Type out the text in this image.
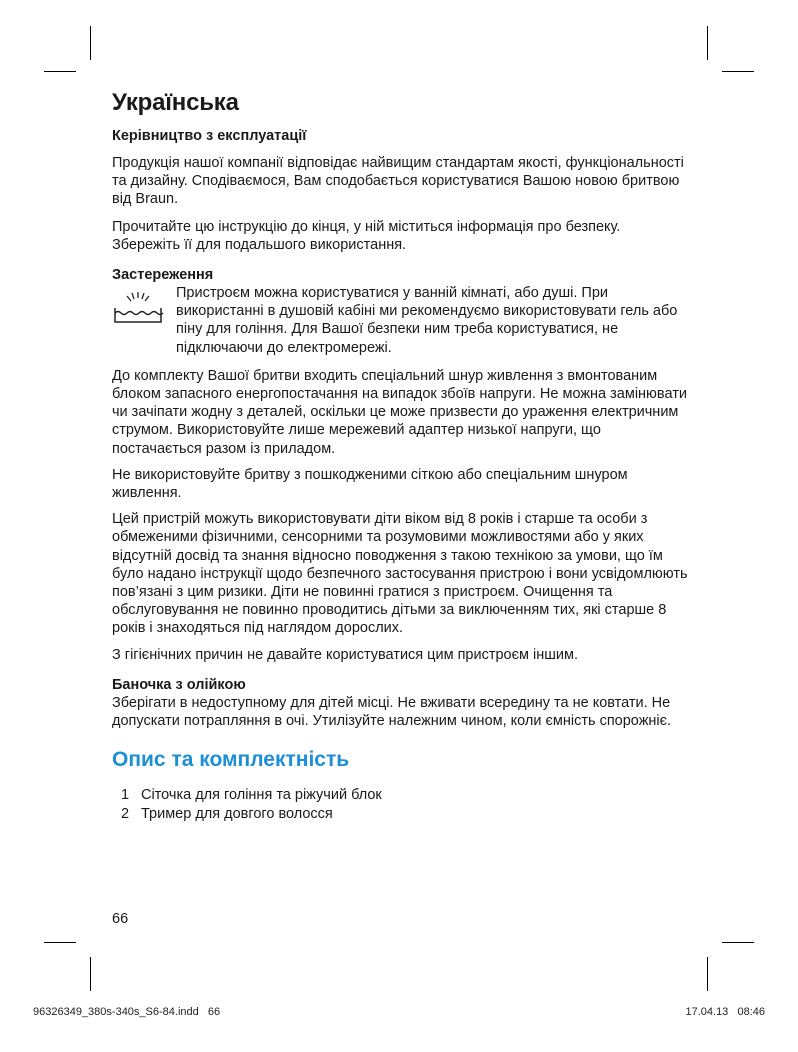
Українська
Керівництво з експлуатації

Продукція нашої компанії відповідає найвищим стандартам якості, функціональності та дизайну. Сподіваємося, Вам сподобається користуватися Вашою новою бритвою від Braun.

Прочитайте цю інструкцію до кінця, у ній міститься інформація про безпеку. Збережіть її для подальшого використання.

Застереження

Пристроєм можна користуватися у ванній кімнаті, або душі. При використанні в душовій кабіні ми рекомендуємо використовувати гель або піну для гоління. Для Вашої безпеки ним треба користуватися, не підключаючи до електромережі.

До комплекту Вашої бритви входить спеціальний шнур живлення з вмонтованим блоком запасного енергопостачання на випадок збоїв напруги. Не можна замінювати чи зачіпати жодну з деталей, оскільки це може призвести до ураження електричним струмом. Використовуйте лише мережевий адаптер низької напруги, що постачається разом із приладом.

Не використовуйте бритву з пошкодженими сіткою або спеціальним шнуром живлення.

Цей пристрій можуть використовувати діти віком від 8 років і старше та особи з обмеженими фізичними, сенсорними та розумовими можливостями або у яких відсутній досвід та знання відносно поводження з такою технікою за умови, що їм було надано інструкції щодо безпечного застосування пристрою і вони усвідомлюють пов’язані з цим ризики. Діти не повинні гратися з пристроєм. Очищення та обслуговування не повинно проводитись дітьми за виключенням тих, які старше 8 років і знаходяться під наглядом дорослих.

З гігієнічних причин не давайте користуватися цим пристроєм іншим.

Баночка з олійкою

Зберігати в недоступному для дітей місці. Не вживати всередину та не ковтати. Не допускати потрапляння в очі. Утилізуйте належним чином, коли ємність спорожніє.

Опис та комплектність
1 Сіточка для гоління та ріжучий блок
2 Тример для довгого волосся
66
96326349_380s-340s_S6-84.indd   66	17.04.13   08:46
